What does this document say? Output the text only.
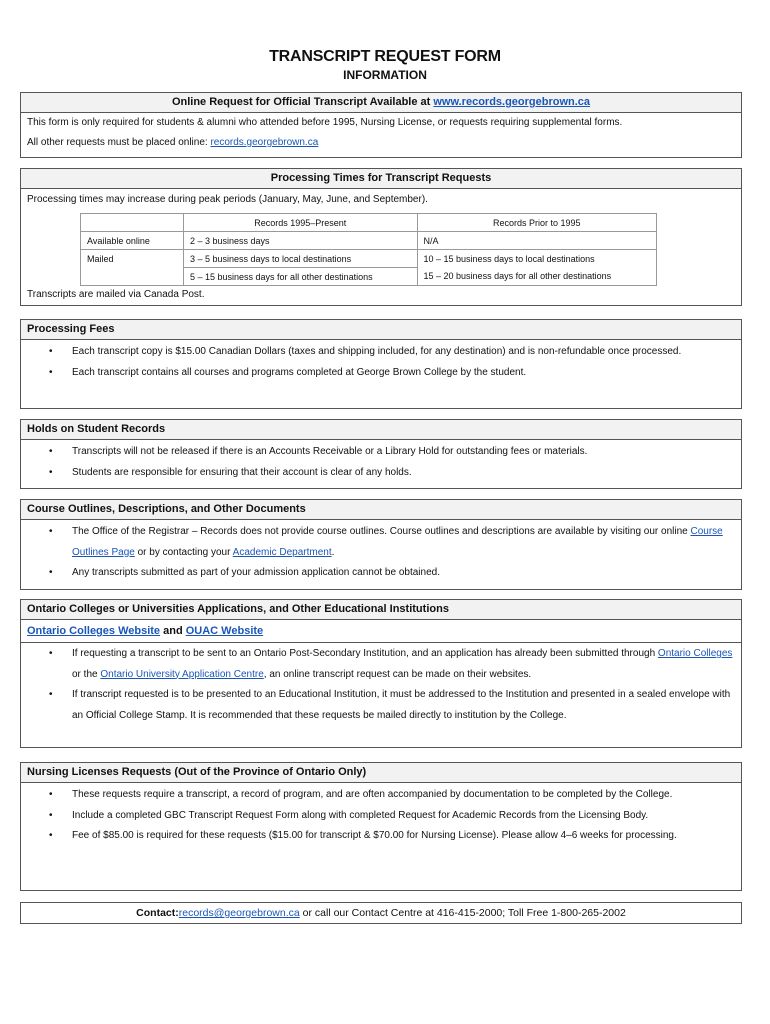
TRANSCRIPT REQUEST FORM
INFORMATION
Online Request for Official Transcript Available at www.records.georgebrown.ca
This form is only required for students & alumni who attended before 1995, Nursing License, or requests requiring supplemental forms.
All other requests must be placed online: records.georgebrown.ca
Processing Times for Transcript Requests
Processing times may increase during peak periods (January, May, June, and September).
Transcripts are mailed via Canada Post.
	Records 1995–Present	Records Prior to 1995
Available online	2 – 3 business days	N/A
Mailed	3 – 5 business days to local destinations	10 – 15 business days to local destinations
	5 – 15 business days for all other destinations	15 – 20 business days for all other destinations
Processing Fees
• Each transcript copy is $15.00 Canadian Dollars (taxes and shipping included, for any destination) and is non-refundable once processed.
• Each transcript contains all courses and programs completed at George Brown College by the student.
Holds on Student Records
• Transcripts will not be released if there is an Accounts Receivable or a Library Hold for outstanding fees or materials.
• Students are responsible for ensuring that their account is clear of any holds.
Course Outlines, Descriptions, and Other Documents
• The Office of the Registrar – Records does not provide course outlines. Course outlines and descriptions are available by visiting our online Course Outlines Page or by contacting your Academic Department.
• Any transcripts submitted as part of your admission application cannot be obtained.
Ontario Colleges or Universities Applications, and Other Educational Institutions
Ontario Colleges Website and OUAC Website
• If requesting a transcript to be sent to an Ontario Post-Secondary Institution, and an application has already been submitted through Ontario Colleges or the Ontario University Application Centre, an online transcript request can be made on their websites.
• If transcript requested is to be presented to an Educational Institution, it must be addressed to the Institution and presented in a sealed envelope with an Official College Stamp. It is recommended that these requests be mailed directly to institution by the College.
Nursing Licenses Requests (Out of the Province of Ontario Only)
• These requests require a transcript, a record of program, and are often accompanied by documentation to be completed by the College.
• Include a completed GBC Transcript Request Form along with completed Request for Academic Records from the Licensing Body.
• Fee of $85.00 is required for these requests ($15.00 for transcript & $70.00 for Nursing License). Please allow 4–6 weeks for processing.
Contact:records@georgebrown.ca or call our Contact Centre at 416-415-2000; Toll Free 1-800-265-2002
